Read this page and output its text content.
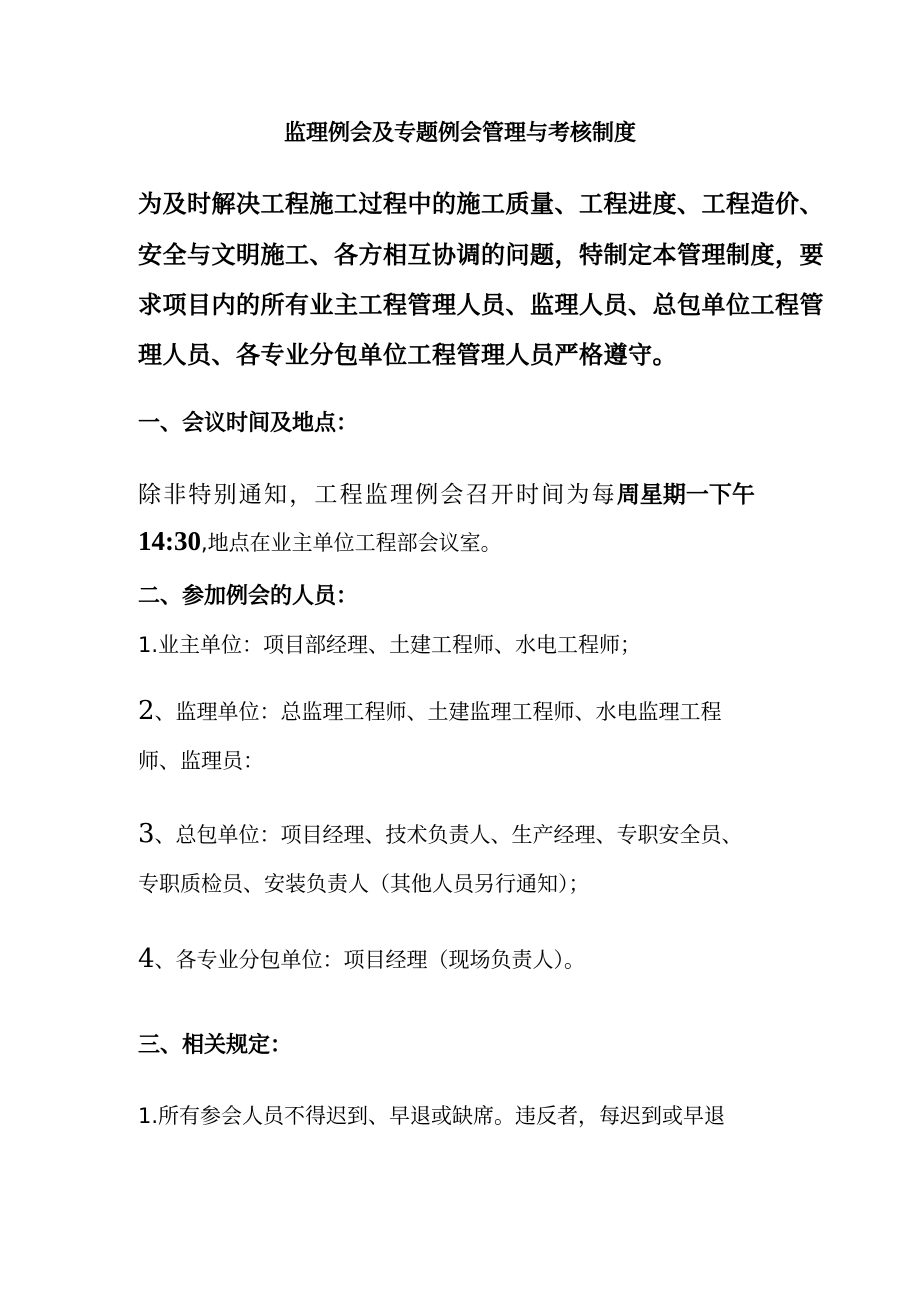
监理例会及专题例会管理与考核制度
为及时解决工程施工过程中的施工质量、工程进度、工程造价、
安全与文明施工、各方相互协调的问题，特制定本管理制度，要
求项目内的所有业主工程管理人员、监理人员、总包单位工程管
理人员、各专业分包单位工程管理人员严格遵守。
一、会议时间及地点：
除非特别通知，工程监理例会召开时间为每周星期一下午
14:30,地点在业主单位工程部会议室。
二、参加例会的人员：
1.业主单位：项目部经理、土建工程师、水电工程师；
2、监理单位：总监理工程师、土建监理工程师、水电监理工程
师、监理员：
3、总包单位：项目经理、技术负责人、生产经理、专职安全员、
专职质检员、安装负责人（其他人员另行通知）；
4、各专业分包单位：项目经理（现场负责人）。
三、相关规定：
1.所有参会人员不得迟到、早退或缺席。违反者，每迟到或早退
